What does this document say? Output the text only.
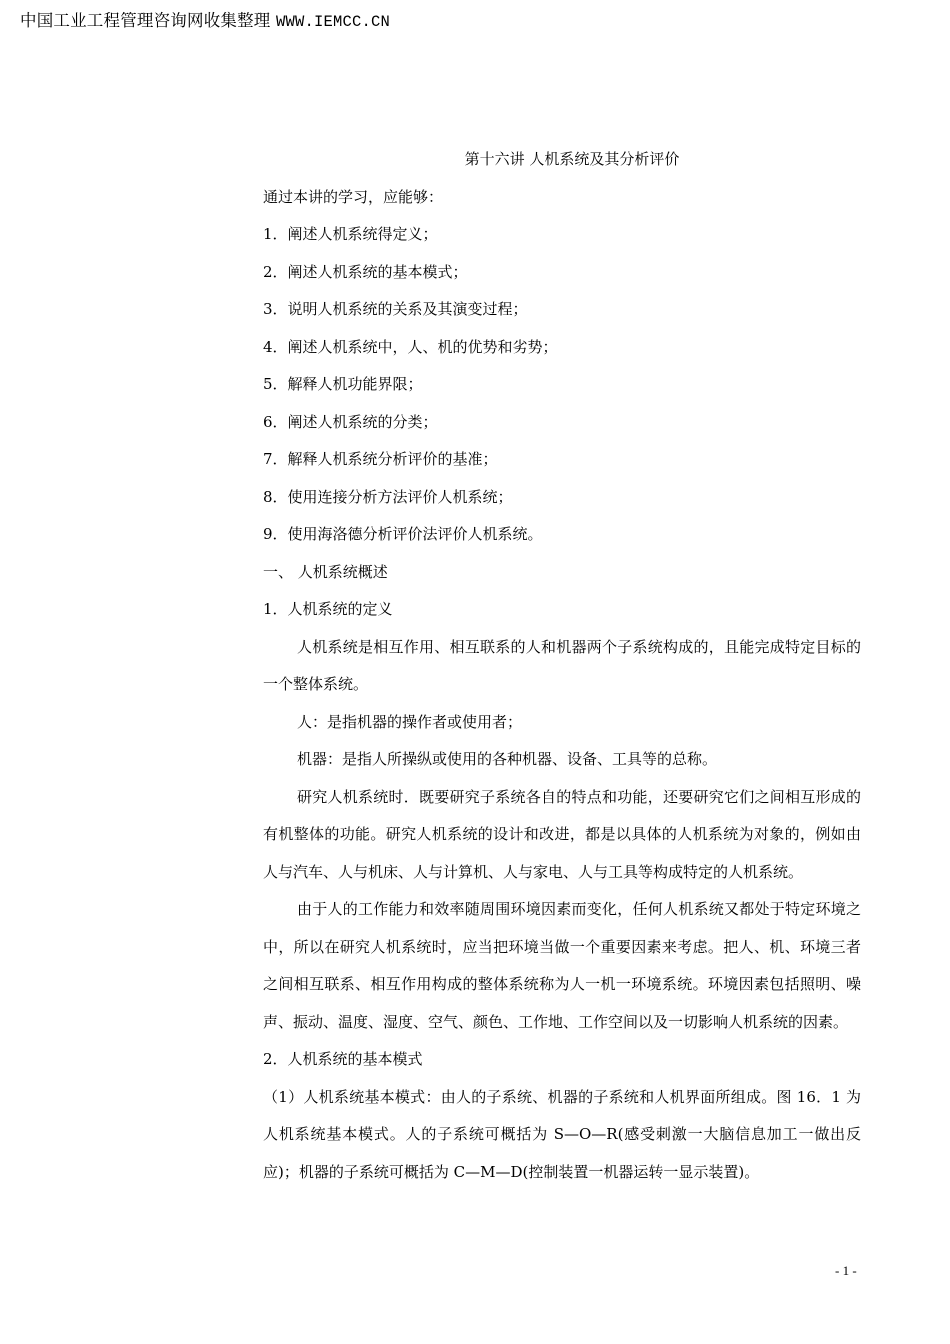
中国工业工程管理咨询网收集整理 WWW.IEMCC.CN
第十六讲 人机系统及其分析评价
通过本讲的学习，应能够：
1．阐述人机系统得定义；
2．阐述人机系统的基本模式；
3．说明人机系统的关系及其演变过程；
4．阐述人机系统中，人、机的优势和劣势；
5．解释人机功能界限；
6．阐述人机系统的分类；
7．解释人机系统分析评价的基准；
8．使用连接分析方法评价人机系统；
9．使用海洛德分析评价法评价人机系统。
一、 人机系统概述
1．人机系统的定义
人机系统是相互作用、相互联系的人和机器两个子系统构成的，且能完成特定目标的一个整体系统。
人：是指机器的操作者或使用者；
机器：是指人所操纵或使用的各种机器、设备、工具等的总称。
研究人机系统时．既要研究子系统各自的特点和功能，还要研究它们之间相互形成的有机整体的功能。研究人机系统的设计和改进，都是以具体的人机系统为对象的，例如由人与汽车、人与机床、人与计算机、人与家电、人与工具等构成特定的人机系统。
由于人的工作能力和效率随周围环境因素而变化，任何人机系统又都处于特定环境之中，所以在研究人机系统时，应当把环境当做一个重要因素来考虑。把人、机、环境三者之间相互联系、相互作用构成的整体系统称为人一机一环境系统。环境因素包括照明、噪声、振动、温度、湿度、空气、颜色、工作地、工作空间以及一切影响人机系统的因素。
2．人机系统的基本模式
（1）人机系统基本模式：由人的子系统、机器的子系统和人机界面所组成。图 16．1 为人机系统基本模式。人的子系统可概括为 S—O—R(感受刺激一大脑信息加工一做出反应)；机器的子系统可概括为 C—M—D(控制装置一机器运转一显示装置)。
- 1 -
